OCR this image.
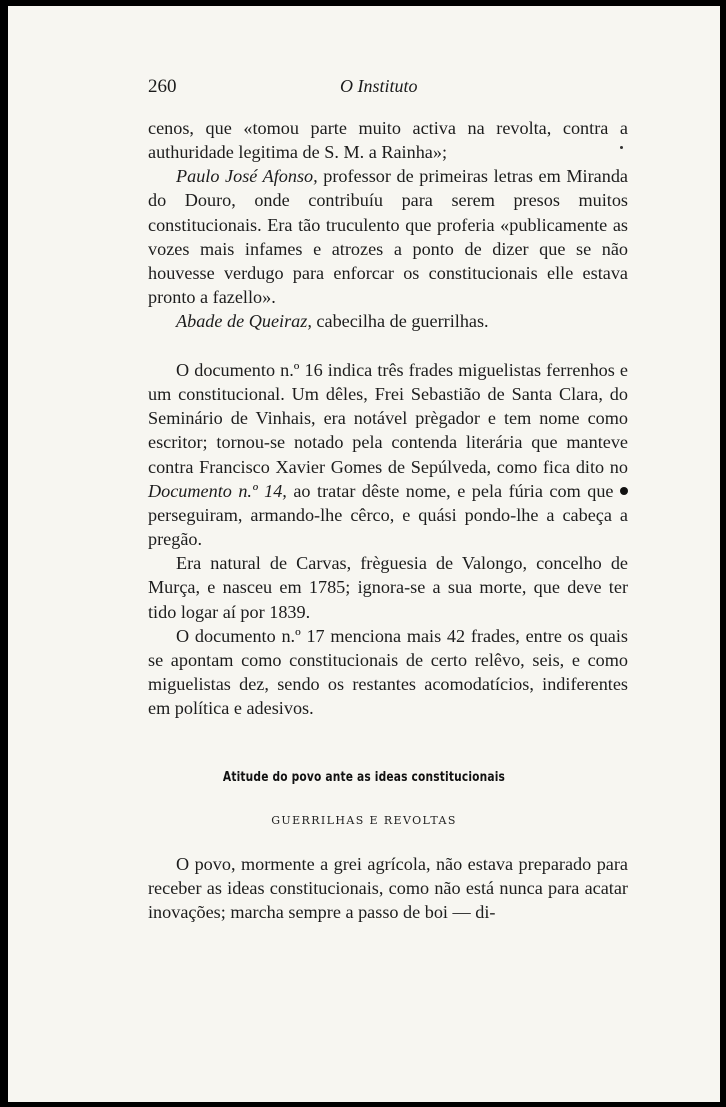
260	O Instituto

cenos, que «tomou parte muito activa na revolta, contra a authuridade legitima de S. M. a Rainha»;

Paulo José Afonso, professor de primeiras letras em Miranda do Douro, onde contribuíu para serem presos muitos constitucionais. Era tão truculento que proferia «publicamente as vozes mais infames e atrozes a ponto de dizer que se não houvesse verdugo para enforcar os constitucionais elle estava pronto a fazello».

Abade de Queiraz, cabecilha de guerrilhas.

O documento n.º 16 indica três frades miguelistas ferrenhos e um constitucional. Um dêles, Frei Sebastião de Santa Clara, do Seminário de Vinhais, era notável prègador e tem nome como escritor; tornou-se notado pela contenda literária que manteve contra Francisco Xavier Gomes de Sepúlveda, como fica dito no Documento n.º 14, ao tratar dêste nome, e pela fúria com que  perseguiram, armando-lhe cêrco, e quási pondo-lhe a cabeça a pregão.

Era natural de Carvas, frèguesia de Valongo, concelho de Murça, e nasceu em 1785; ignora-se a sua morte, que deve ter tido logar aí por 1839.

O documento n.º 17 menciona mais 42 frades, entre os quais se apontam como constitucionais de certo relêvo, seis, e como miguelistas dez, sendo os restantes acomodatícios, indiferentes em política e adesivos.

Atitude do povo ante as ideas constitucionais
GUERRILHAS E REVOLTAS

O povo, mormente a grei agrícola, não estava preparado para receber as ideas constitucionais, como não está nunca para acatar inovações; marcha sempre a passo de boi — di-
